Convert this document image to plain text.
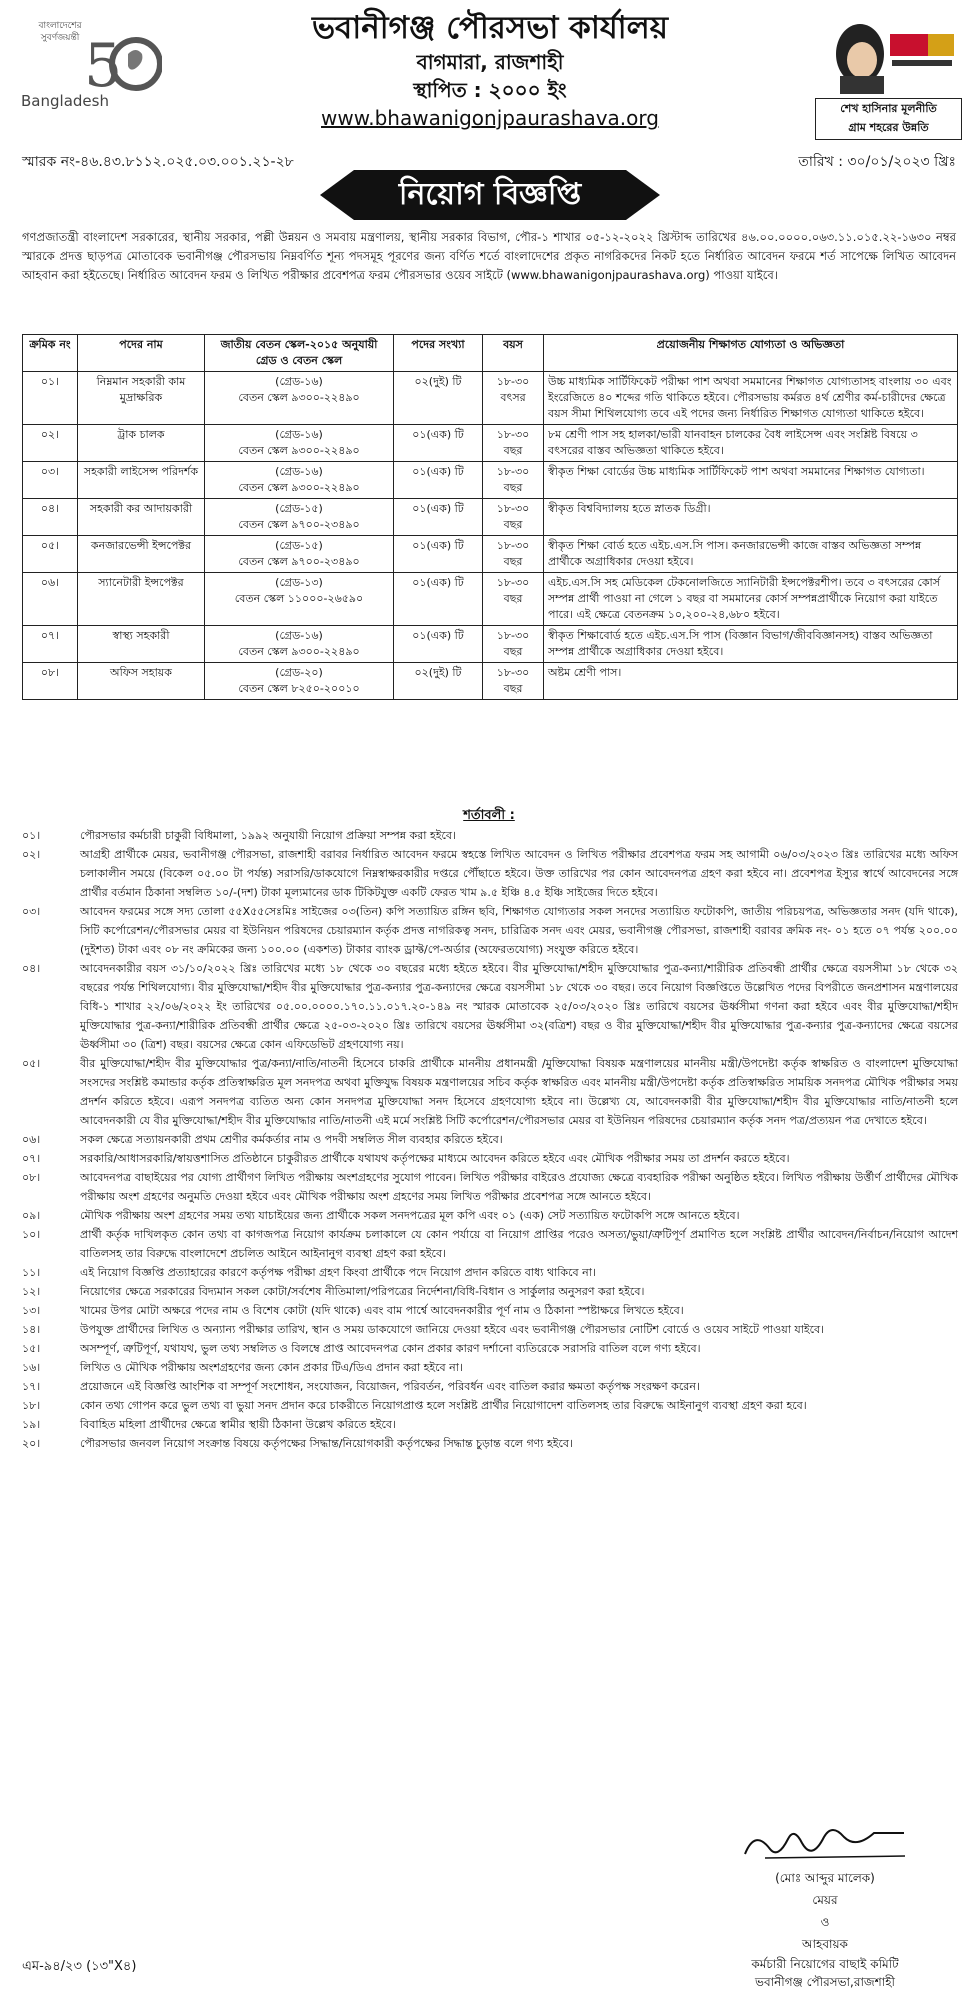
বাংলাদেশের সুবর্ণজয়ন্তী 5
Bangladesh
ভবানীগঞ্জ পৌরসভা কার্যালয়
বাগমারা, রাজশাহী
স্থাপিত : ২০০০ ইং
www.bhawanigonjpaurashava.org	শেখ হাসিনার মূলনীতি
গ্রাম শহরের উন্নতি
স্মারক নং-৪৬.৪৩.৮১১২.০২৫.০৩.০০১.২১-২৮	তারিখ : ৩০/০১/২০২৩ খ্রিঃ
নিয়োগ বিজ্ঞপ্তি
গণপ্রজাতন্ত্রী বাংলাদেশ সরকারের, স্থানীয় সরকার, পল্লী উন্নয়ন ও সমবায় মন্ত্রণালয়, স্থানীয় সরকার বিভাগ, পৌর-১ শাখার ০৫-১২-২০২২ খ্রিস্টাব্দ তারিখের ৪৬.০০.০০০০.০৬৩.১১.০১৫.২২-১৬৩০ নম্বর স্মারকে প্রদত্ত ছাড়পত্র মোতাবেক ভবানীগঞ্জ পৌরসভায় নিম্নবর্ণিত শূন্য পদসমূহ পূরণের জন্য বর্ণিত শর্তে বাংলাদেশের প্রকৃত নাগরিকদের নিকট হতে নির্ধারিত আবেদন ফরমে শর্ত সাপেক্ষে লিখিত আবেদন আহবান করা হইতেছে। নির্ধারিত আবেদন ফরম ও লিখিত পরীক্ষার প্রবেশপত্র ফরম পৌরসভার ওয়েব সাইটে (www.bhawanigonjpaurashava.org) পাওয়া যাইবে।
ক্রমিক নং	পদের নাম	জাতীয় বেতন স্কেল-২০১৫ অনুযায়ী গ্রেড ও বেতন স্কেল	পদের সংখ্যা	বয়স	প্রয়োজনীয় শিক্ষাগত যোগ্যতা ও অভিজ্ঞতা
০১।	নিম্নমান সহকারী কাম মুদ্রাক্ষরিক	(গ্রেড-১৬)
বেতন স্কেল ৯৩০০-২২৪৯০	০২(দুই) টি	১৮-৩০ বৎসর	উচ্চ মাধ্যমিক সার্টিফিকেট পরীক্ষা পাশ অথবা সমমানের শিক্ষাগত যোগ্যতাসহ বাংলায় ৩০ এবং ইংরেজিতে ৪০ শব্দের গতি থাকিতে হইবে। পৌরসভায় কর্মরত ৪র্থ শ্রেণীর কর্ম-চারীদের ক্ষেত্রে বয়স সীমা শিথিলযোগ্য তবে এই পদের জন্য নির্ধারিত শিক্ষাগত যোগ্যতা থাকিতে হইবে।
০২।	ট্রাক চালক	(গ্রেড-১৬)
বেতন স্কেল ৯৩০০-২২৪৯০	০১(এক) টি	১৮-৩০ বছর	৮ম শ্রেণী পাস সহ হালকা/ভারী যানবাহন চালকের বৈধ লাইসেন্স এবং সংশ্লিষ্ট বিষয়ে ৩ বৎসরের বাস্তব অভিজ্ঞতা থাকিতে হইবে।
০৩।	সহকারী লাইসেন্স পরিদর্শক	(গ্রেড-১৬)
বেতন স্কেল ৯৩০০-২২৪৯০	০১(এক) টি	১৮-৩০ বছর	স্বীকৃত শিক্ষা বোর্ডের উচ্চ মাধ্যমিক সার্টিফিকেট পাশ অথবা সমমানের শিক্ষাগত যোগ্যতা।
০৪।	সহকারী কর আদায়কারী	(গ্রেড-১৫)
বেতন স্কেল ৯৭০০-২৩৪৯০	০১(এক) টি	১৮-৩০ বছর	স্বীকৃত বিশ্ববিদ্যালয় হতে স্নাতক ডিগ্রী।
০৫।	কনজারভেন্সী ইন্সপেক্টর	(গ্রেড-১৫)
বেতন স্কেল ৯৭০০-২৩৪৯০	০১(এক) টি	১৮-৩০ বছর	স্বীকৃত শিক্ষা বোর্ড হতে এইচ.এস.সি পাস। কনজারভেন্সী কাজে বাস্তব অভিজ্ঞতা সম্পন্ন প্রার্থীকে অগ্রাধিকার দেওয়া হইবে।
০৬।	স্যানেটারী ইন্সপেক্টর	(গ্রেড-১৩)
বেতন স্কেল ১১০০০-২৬৫৯০	০১(এক) টি	১৮-৩০ বছর	এইচ.এস.সি সহ মেডিকেল টেকনোলজিতে স্যানিটারী ইন্সপেক্টরশীপ। তবে ৩ বৎসরের কোর্স সম্পন্ন প্রার্থী পাওয়া না গেলে ১ বছর বা সমমানের কোর্স সম্পন্নপ্রার্থীকে নিয়োগ করা যাইতে পারে। এই ক্ষেত্রে বেতনক্রম ১০,২০০-২৪,৬৮০ হইবে।
০৭।	স্বাস্থ্য সহকারী	(গ্রেড-১৬)
বেতন স্কেল ৯৩০০-২২৪৯০	০১(এক) টি	১৮-৩০ বছর	স্বীকৃত শিক্ষাবোর্ড হতে এইচ.এস.সি পাস (বিজ্ঞান বিভাগ/জীববিজ্ঞানসহ) বাস্তব অভিজ্ঞতা সম্পন্ন প্রার্থীকে অগ্রাধিকার দেওয়া হইবে।
০৮।	অফিস সহায়ক	(গ্রেড-২০)
বেতন স্কেল ৮২৫০-২০০১০	০২(দুই) টি	১৮-৩০ বছর	অষ্টম শ্রেণী পাস।
শর্তাবলী :
০১।	পৌরসভার কর্মচারী চাকুরী বিধিমালা, ১৯৯২ অনুযায়ী নিয়োগ প্রক্রিয়া সম্পন্ন করা হইবে।
০২।	আগ্রহী প্রার্থীকে মেয়র, ভবানীগঞ্জ পৌরসভা, রাজশাহী বরাবর নির্ধারিত আবেদন ফরমে স্বহস্তে লিখিত আবেদন ও লিখিত পরীক্ষার প্রবেশপত্র ফরম সহ আগামী ০৬/০৩/২০২৩ খ্রিঃ তারিখের মধ্যে অফিস চলাকালীন সময়ে (বিকেল ০৫.০০ টা পর্যন্ত) সরাসরি/ডাকযোগে নিম্নস্বাক্ষরকারীর দপ্তরে পৌঁছাতে হইবে। উক্ত তারিখের পর কোন আবেদনপত্র গ্রহণ করা হইবে না। প্রবেশপত্র ইস্যুর স্বার্থে আবেদনের সঙ্গে প্রার্থীর বর্তমান ঠিকানা সম্বলিত ১০/-(দশ) টাকা মূল্যমানের ডাক টিকিটযুক্ত একটি ফেরত খাম ৯.৫ ইঞ্চি ৪.৫ ইঞ্চি সাইজের দিতে হইবে।
০৩।	আবেদন ফরমের সঙ্গে সদ্য তোলা ৫৫X৫৫সেঃমিঃ সাইজের ০৩(তিন) কপি সত্যায়িত রঙ্গিন ছবি, শিক্ষাগত যোগ্যতার সকল সনদের সত্যায়িত ফটোকপি, জাতীয় পরিচয়পত্র, অভিজ্ঞতার সনদ (যদি থাকে), সিটি কর্পোরেশন/পৌরসভার মেয়র বা ইউনিয়ন পরিষদের চেয়ারম্যান কর্তৃক প্রদত্ত নাগরিকত্ব সনদ, চারিত্রিক সনদ এবং মেয়র, ভবানীগঞ্জ পৌরসভা, রাজশাহী বরাবর ক্রমিক নং- ০১ হতে ০৭ পর্যন্ত ২০০.০০ (দুইশত) টাকা এবং ০৮ নং ক্রমিকের জন্য ১০০.০০ (একশত) টাকার ব্যাংক ড্রাফ্ট/পে-অর্ডার (অফেরতযোগ্য) সংযুক্ত করিতে হইবে।
০৪।	আবেদনকারীর বয়স ৩১/১০/২০২২ খ্রিঃ তারিখের মধ্যে ১৮ থেকে ৩০ বছরের মধ্যে হইতে হইবে। বীর মুক্তিযোদ্ধা/শহীদ মুক্তিযোদ্ধার পুত্র-কন্যা/শারীরিক প্রতিবন্ধী প্রার্থীর ক্ষেত্রে বয়সসীমা ১৮ থেকে ৩২ বছরের পর্যন্ত শিথিলযোগ্য। বীর মুক্তিযোদ্ধা/শহীদ বীর মুক্তিযোদ্ধার পুত্র-কন্যার পুত্র-কন্যাদের ক্ষেত্রে বয়সসীমা ১৮ থেকে ৩০ বছর। তবে নিয়োগ বিজ্ঞপ্তিতে উল্লেখিত পদের বিপরীতে জনপ্রশাসন মন্ত্রণালয়ের বিধি-১ শাখার ২২/০৬/২০২২ ইং তারিখের ০৫.০০.০০০০.১৭০.১১.০১৭.২০-১৪৯ নং স্মারক মোতাবেক ২৫/০৩/২০২০ খ্রিঃ তারিখে বয়সের ঊর্ধ্বসীমা গণনা করা হইবে এবং বীর মুক্তিযোদ্ধা/শহীদ মুক্তিযোদ্ধার পুত্র-কন্যা/শারীরিক প্রতিবন্ধী প্রার্থীর ক্ষেত্রে ২৫-০৩-২০২০ খ্রিঃ তারিখে বয়সের ঊর্ধ্বসীমা ৩২(বত্রিশ) বছর ও বীর মুক্তিযোদ্ধা/শহীদ বীর মুক্তিযোদ্ধার পুত্র-কন্যার পুত্র-কন্যাদের ক্ষেত্রে বয়সের ঊর্ধ্বসীমা ৩০ (ত্রিশ) বছর। বয়সের ক্ষেত্রে কোন এফিডেভিট গ্রহণযোগ্য নয়।
০৫।	বীর মুক্তিযোদ্ধা/শহীদ বীর মুক্তিযোদ্ধার পুত্র/কন্যা/নাতি/নাতনী হিসেবে চাকরি প্রার্থীকে মাননীয় প্রধানমন্ত্রী /মুক্তিযোদ্ধা বিষয়ক মন্ত্রণালয়ের মাননীয় মন্ত্রী/উপদেষ্টা কর্তৃক স্বাক্ষরিত ও বাংলাদেশ মুক্তিযোদ্ধা সংসদের সংশ্লিষ্ট কমান্ডার কর্তৃক প্রতিস্বাক্ষরিত মূল সনদপত্র অথবা মুক্তিযুদ্ধ বিষয়ক মন্ত্রণালয়ের সচিব কর্তৃক স্বাক্ষরিত এবং মাননীয় মন্ত্রী/উপদেষ্টা কর্তৃক প্রতিস্বাক্ষরিত সাময়িক সনদপত্র মৌখিক পরীক্ষার সময় প্রদর্শন করিতে হইবে। এরূপ সনদপত্র ব্যতিত অন্য কোন সনদপত্র মুক্তিযোদ্ধা সনদ হিসেবে গ্রহণযোগ্য হইবে না। উল্লেখ্য যে, আবেদনকারী বীর মুক্তিযোদ্ধা/শহীদ বীর মুক্তিযোদ্ধার নাতি/নাতনী হলে আবেদনকারী যে বীর মুক্তিযোদ্ধা/শহীদ বীর মুক্তিযোদ্ধার নাতি/নাতনী এই মর্মে সংশ্লিষ্ট সিটি কর্পোরেশন/পৌরসভার মেয়র বা ইউনিয়ন পরিষদের চেয়ারম্যান কর্তৃক সনদ পত্র/প্রত্যয়ন পত্র দেখাতে হইবে।
০৬।	সকল ক্ষেত্রে সত্যায়নকারী প্রথম শ্রেণীর কর্মকর্তার নাম ও পদবী সম্বলিত সীল ব্যবহার করিতে হইবে।
০৭।	সরকারি/আধাসরকারি/স্বায়ত্তশাসিত প্রতিষ্ঠানে চাকুরীরত প্রার্থীকে যথাযথ কর্তৃপক্ষের মাধ্যমে আবেদন করিতে হইবে এবং মৌখিক পরীক্ষার সময় তা প্রদর্শন করতে হইবে।
০৮।	আবেদনপত্র বাছাইয়ের পর যোগ্য প্রার্থীগণ লিখিত পরীক্ষায় অংশগ্রহণের সুযোগ পাবেন। লিখিত পরীক্ষার বাইরেও প্রযোজ্য ক্ষেত্রে ব্যবহারিক পরীক্ষা অনুষ্ঠিত হইবে। লিখিত পরীক্ষায় উর্ত্তীর্ণ প্রার্থীদের মৌখিক পরীক্ষায় অংশ গ্রহণের অনুমতি দেওয়া হইবে এবং মৌখিক পরীক্ষায় অংশ গ্রহণের সময় লিখিত পরীক্ষার প্রবেশপত্র সঙ্গে আনতে হইবে।
০৯।	মৌখিক পরীক্ষায় অংশ গ্রহণের সময় তথ্য যাচাইয়ের জন্য প্রার্থীকে সকল সনদপত্রের মূল কপি এবং ০১ (এক) সেট সত্যায়িত ফটোকপি সঙ্গে আনতে হইবে।
১০।	প্রার্থী কর্তৃক দাখিলকৃত কোন তথ্য বা কাগজপত্র নিয়োগ কার্যক্রম চলাকালে যে কোন পর্যায়ে বা নিয়োগ প্রাপ্তির পরেও অসত্য/ভুয়া/ত্রুটিপূর্ণ প্রমাণিত হলে সংশ্লিষ্ট প্রার্থীর আবেদন/নির্বাচন/নিয়োগ আদেশ বাতিলসহ তার বিরুদ্ধে বাংলাদেশে প্রচলিত আইনে আইনানুগ ব্যবস্থা গ্রহণ করা হইবে।
১১।	এই নিয়োগ বিজ্ঞপ্তি প্রত্যাহারের কারণে কর্তৃপক্ষ পরীক্ষা গ্রহণ কিংবা প্রার্থীকে পদে নিয়োগ প্রদান করিতে বাধ্য থাকিবে না।
১২।	নিয়োগের ক্ষেত্রে সরকারের বিদ্যমান সকল কোটা/সর্বশেষ নীতিমালা/পরিপত্রের নির্দেশনা/বিধি-বিধান ও সার্কুলার অনুসরণ করা হইবে।
১৩।	খামের উপর মোটা অক্ষরে পদের নাম ও বিশেষ কোটা (যদি থাকে) এবং বাম পার্শ্বে আবেদনকারীর পূর্ণ নাম ও ঠিকানা স্পষ্টাক্ষরে লিখতে হইবে।
১৪।	উপযুক্ত প্রার্থীদের লিখিত ও অন্যান্য পরীক্ষার তারিখ, স্থান ও সময় ডাকযোগে জানিয়ে দেওয়া হইবে এবং ভবানীগঞ্জ পৌরসভার নোটিশ বোর্ডে ও ওয়েব সাইটে পাওয়া যাইবে।
১৫।	অসম্পূর্ণ, ত্রুটিপূর্ণ, যথাযথ, ভুল তথ্য সম্বলিত ও বিলম্বে প্রাপ্ত আবেদনপত্র কোন প্রকার কারণ দর্শানো ব্যতিরেকে সরাসরি বাতিল বলে গণ্য হইবে।
১৬।	লিখিত ও মৌখিক পরীক্ষায় অংশগ্রহণের জন্য কোন প্রকার টিএ/ডিএ প্রদান করা হইবে না।
১৭।	প্রয়োজনে এই বিজ্ঞপ্তি আংশিক বা সম্পূর্ণ সংশোধন, সংযোজন, বিয়োজন, পরিবর্তন, পরিবর্ধন এবং বাতিল করার ক্ষমতা কর্তৃপক্ষ সংরক্ষণ করেন।
১৮।	কোন তথ্য গোপন করে ভুল তথ্য বা ভুয়া সনদ প্রদান করে চাকরীতে নিয়োগপ্রাপ্ত হলে সংশ্লিষ্ট প্রার্থীর নিয়োগাদেশ বাতিলসহ তার বিরুদ্ধে আইনানুগ ব্যবস্থা গ্রহণ করা হবে।
১৯।	বিবাহিত মহিলা প্রার্থীদের ক্ষেত্রে স্বামীর স্থায়ী ঠিকানা উল্লেখ করিতে হইবে।
২০।	পৌরসভার জনবল নিয়োগ সংক্রান্ত বিষয়ে কর্তৃপক্ষের সিদ্ধান্ত/নিয়োগকারী কর্তৃপক্ষের সিদ্ধান্ত চুড়ান্ত বলে গণ্য হইবে।
(মোঃ আব্দুর মালেক)
মেয়র
ও
আহবায়ক
কর্মচারী নিয়োগের বাছাই কমিটি
ভবানীগঞ্জ পৌরসভা,রাজশাহী
এম-৯৪/২৩ (১৩"X৪)
